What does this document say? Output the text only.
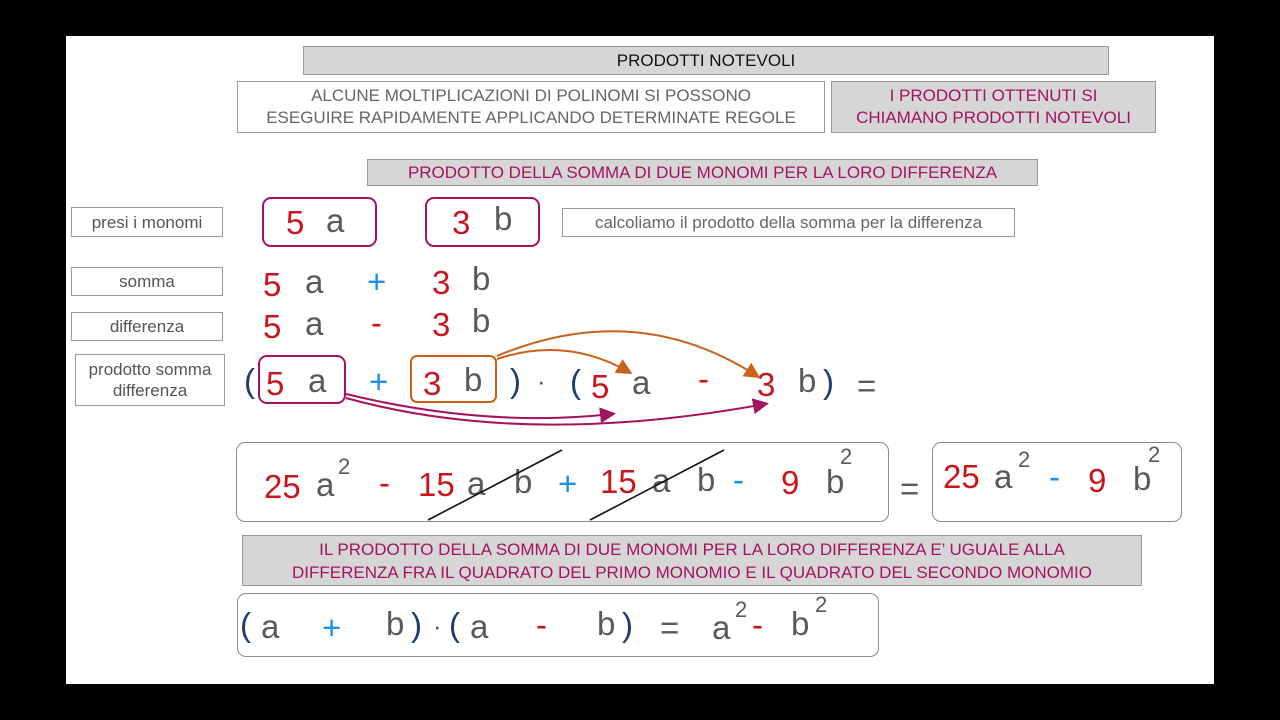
PRODOTTI NOTEVOLI
ALCUNE MOLTIPLICAZIONI DI POLINOMI SI POSSONO
ESEGUIRE RAPIDAMENTE APPLICANDO DETERMINATE REGOLE
I PRODOTTI OTTENUTI SI
CHIAMANO PRODOTTI NOTEVOLI
PRODOTTO DELLA SOMMA DI DUE MONOMI PER LA LORO DIFFERENZA
presi i monomi
somma
differenza
prodotto somma
differenza
5 a	3 b	calcoliamo il prodotto della somma per la differenza
5 a + 3 b
5 a - 3 b
( 5 a + 3 b ) · ( 5 a - 3 b ) =
25 a 2 - 15 a b + 15 a b - 9 b
2
= 25 a 2 - 9 b
2
IL PRODOTTO DELLA SOMMA DI DUE MONOMI PER LA LORO DIFFERENZA E’ UGUALE ALLA
DIFFERENZA FRA IL QUADRATO DEL PRIMO MONOMIO E IL QUADRATO DEL SECONDO MONOMIO
( a + b ) · ( a - b ) = a 2 - b
2
